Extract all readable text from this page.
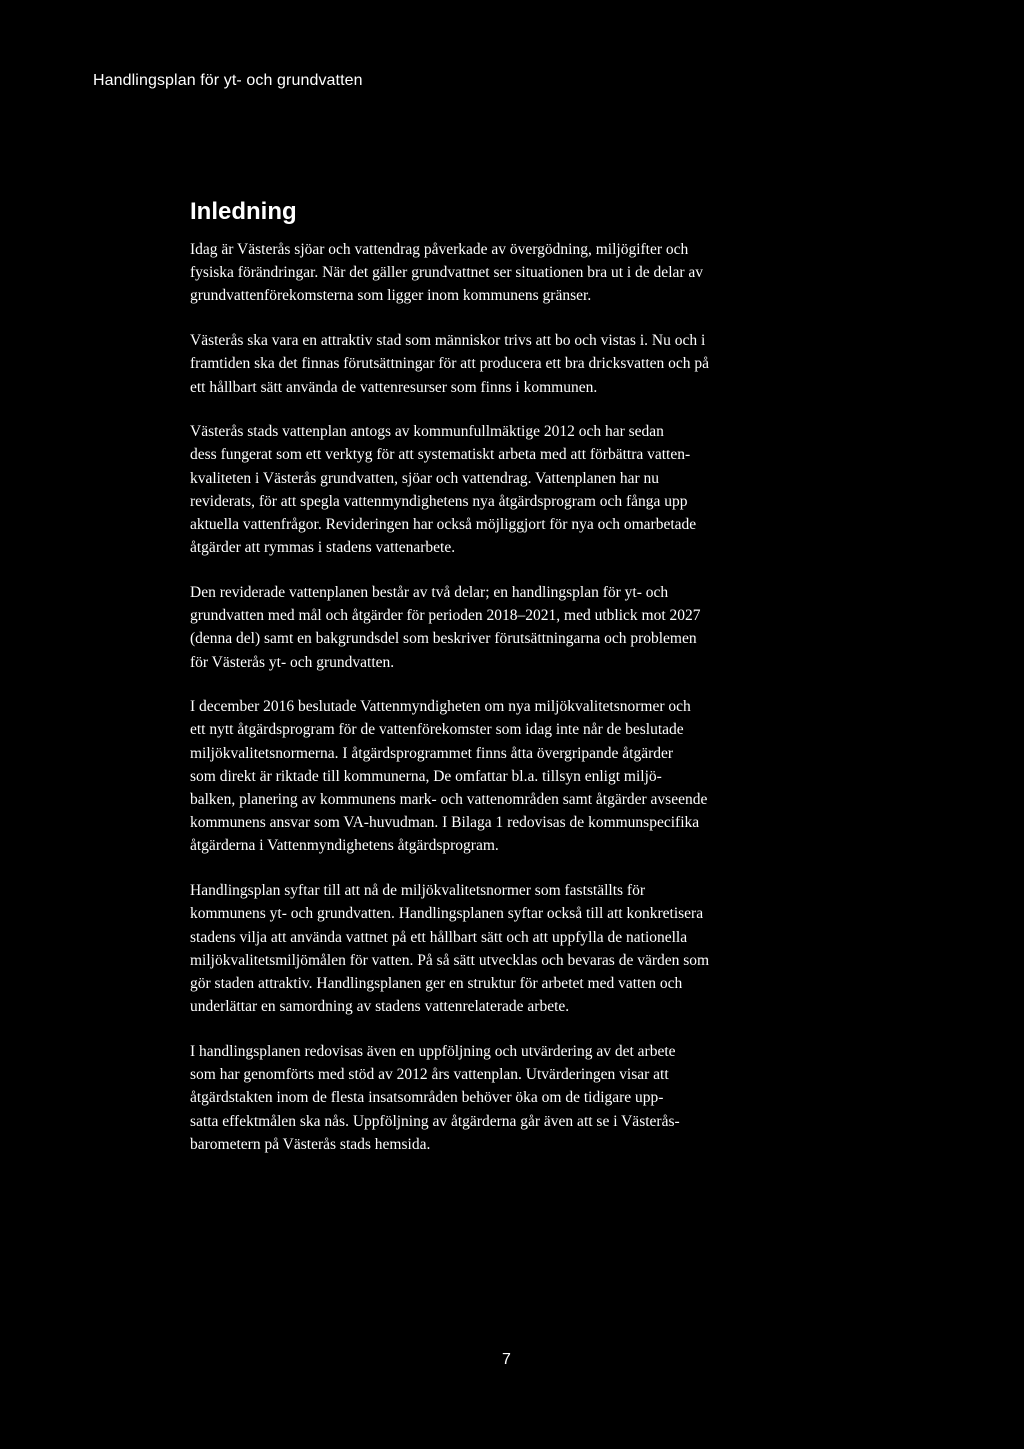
Handlingsplan för yt- och grundvatten
Inledning

Idag är Västerås sjöar och vattendrag påverkade av övergödning, miljögifter och
fysiska förändringar. När det gäller grundvattnet ser situationen bra ut i de delar av
grundvattenförekomsterna som ligger inom kommunens gränser.

Västerås ska vara en attraktiv stad som människor trivs att bo och vistas i. Nu och i
framtiden ska det finnas förutsättningar för att producera ett bra dricksvatten och på
ett hållbart sätt använda de vattenresurser som finns i kommunen.

Västerås stads vattenplan antogs av kommunfullmäktige 2012 och har sedan
dess fungerat som ett verktyg för att systematiskt arbeta med att förbättra vatten-
kvaliteten i Västerås grundvatten, sjöar och vattendrag. Vattenplanen har nu
reviderats, för att spegla vattenmyndighetens nya åtgärdsprogram och fånga upp
aktuella vattenfrågor. Revideringen har också möjliggjort för nya och omarbetade
åtgärder att rymmas i stadens vattenarbete.

Den reviderade vattenplanen består av två delar; en handlingsplan för yt- och
grundvatten med mål och åtgärder för perioden 2018–2021, med utblick mot 2027
(denna del) samt en bakgrundsdel som beskriver förutsättningarna och problemen
för Västerås yt- och grundvatten.

I december 2016 beslutade Vattenmyndigheten om nya miljökvalitetsnormer och
ett nytt åtgärdsprogram för de vattenförekomster som idag inte når de beslutade
miljökvalitetsnormerna. I åtgärdsprogrammet finns åtta övergripande åtgärder
som direkt är riktade till kommunerna, De omfattar bl.a. tillsyn enligt miljö-
balken, planering av kommunens mark- och vattenområden samt åtgärder avseende
kommunens ansvar som VA-huvudman. I Bilaga 1 redovisas de kommunspecifika
åtgärderna i Vattenmyndighetens åtgärdsprogram.

Handlingsplan syftar till att nå de miljökvalitetsnormer som fastställts för
kommunens yt- och grundvatten. Handlingsplanen syftar också till att konkretisera
stadens vilja att använda vattnet på ett hållbart sätt och att uppfylla de nationella
miljökvalitetsmiljömålen för vatten. På så sätt utvecklas och bevaras de värden som
gör staden attraktiv. Handlingsplanen ger en struktur för arbetet med vatten och
underlättar en samordning av stadens vattenrelaterade arbete.

I handlingsplanen redovisas även en uppföljning och utvärdering av det arbete
som har genomförts med stöd av 2012 års vattenplan. Utvärderingen visar att
åtgärdstakten inom de flesta insatsområden behöver öka om de tidigare upp-
satta effektmålen ska nås. Uppföljning av åtgärderna går även att se i Västerås-
barometern på Västerås stads hemsida.

7
